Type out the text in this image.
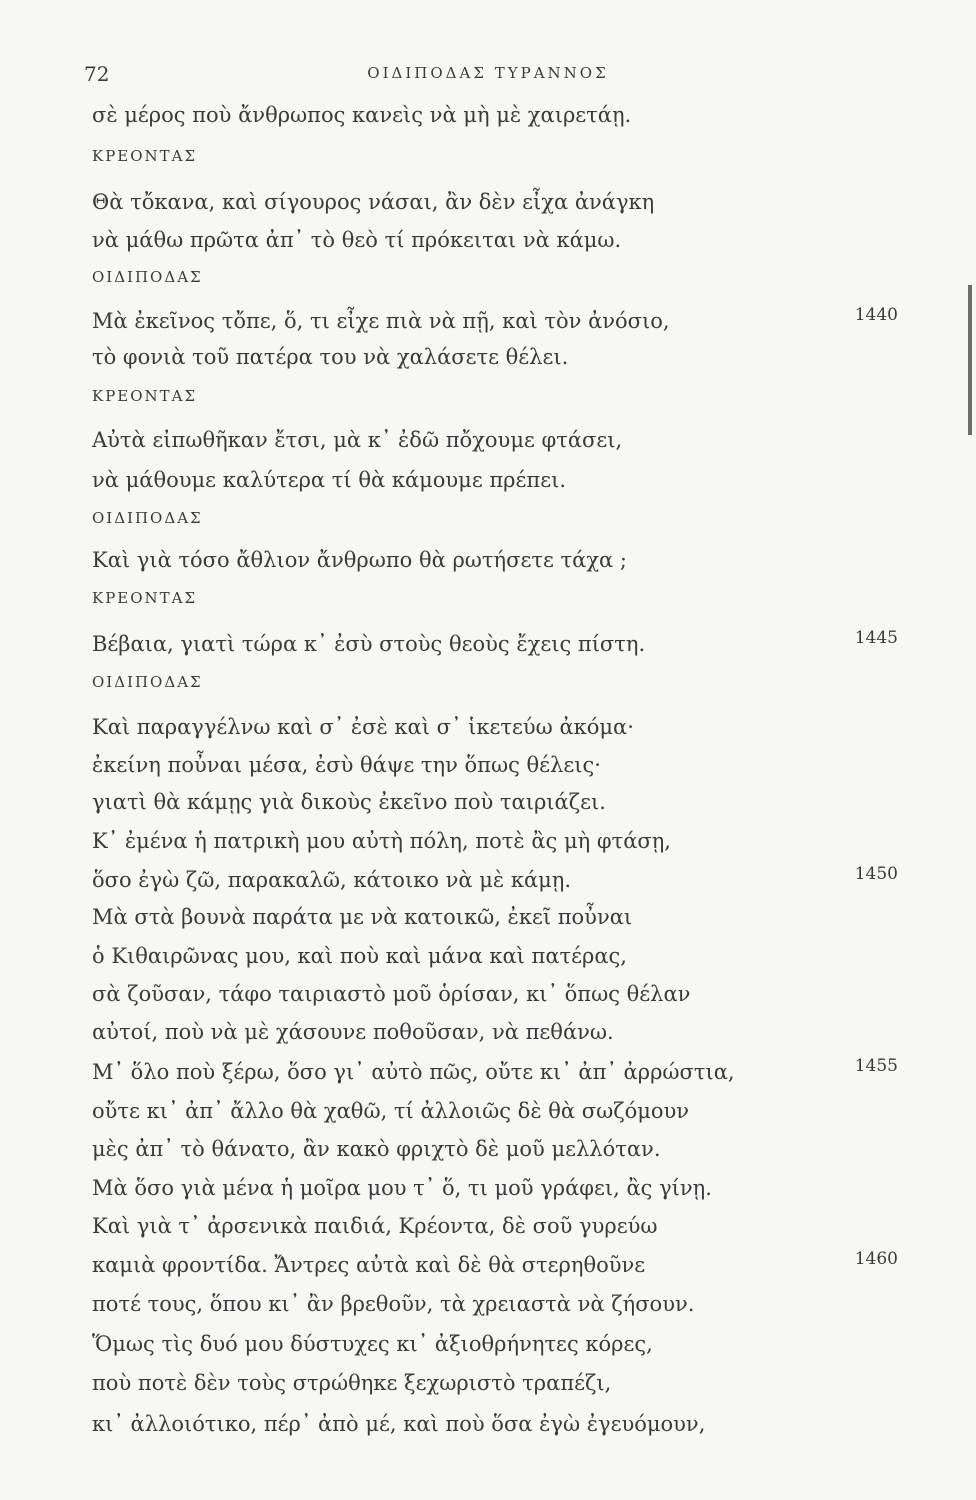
72	ΟΙΔΙΠΟΔΑΣ ΤΥΡΑΝΝΟΣ
σὲ μέρος ποὺ ἄνθρωπος κανεὶς νὰ μὴ μὲ χαιρετάῃ.
ΚΡΕΟΝΤΑΣ
Θὰ τὄκανα, καὶ σίγουρος νάσαι, ἂν δὲν εἶχα ἀνάγκη
νὰ μάθω πρῶτα ἀπ᾽ τὸ θεὸ τί πρόκειται νὰ κάμω.
ΟΙΔΙΠΟΔΑΣ
Μὰ ἐκεῖνος τὄπε, ὅ, τι εἶχε πιὰ νὰ πῇ, καὶ τὸν ἀνόσιο,	1440
τὸ φονιὰ τοῦ πατέρα του νὰ χαλάσετε θέλει.
ΚΡΕΟΝΤΑΣ
Αὐτὰ εἰπωθῆκαν ἔτσι, μὰ κ᾽ ἐδῶ πὄχουμε φτάσει,
νὰ μάθουμε καλύτερα τί θὰ κάμουμε πρέπει.
ΟΙΔΙΠΟΔΑΣ
Καὶ γιὰ τόσο ἄθλιον ἄνθρωπο θὰ ρωτήσετε τάχα ;
ΚΡΕΟΝΤΑΣ
Βέβαια, γιατὶ τώρα κ᾽ ἐσὺ στοὺς θεοὺς ἔχεις πίστη.	1445
ΟΙΔΙΠΟΔΑΣ
Καὶ παραγγέλνω καὶ σ᾽ ἐσὲ καὶ σ᾽ ἱκετεύω ἀκόμα·
ἐκείνη ποὖναι μέσα, ἐσὺ θάψε την ὅπως θέλεις·
γιατὶ θὰ κάμῃς γιὰ δικοὺς ἐκεῖνο ποὺ ταιριάζει.
Κ᾽ ἐμένα ἡ πατρικὴ μου αὐτὴ πόλη, ποτὲ ἂς μὴ φτάσῃ,
ὅσο ἐγὼ ζῶ, παρακαλῶ, κάτοικο νὰ μὲ κάμῃ.	1450
Μὰ στὰ βουνὰ παράτα με νὰ κατοικῶ, ἐκεῖ ποὖναι
ὁ Κιθαιρῶνας μου, καὶ ποὺ καὶ μάνα καὶ πατέρας,
σὰ ζοῦσαν, τάφο ταιριαστὸ μοῦ ὁρίσαν, κι᾽ ὅπως θέλαν
αὐτοί, ποὺ νὰ μὲ χάσουνε ποθοῦσαν, νὰ πεθάνω.
Μ᾽ ὅλο ποὺ ξέρω, ὅσο γι᾽ αὐτὸ πῶς, οὔτε κι᾽ ἀπ᾽ ἀρρώστια,	1455
οὔτε κι᾽ ἀπ᾽ ἄλλο θὰ χαθῶ, τί ἀλλοιῶς δὲ θὰ σωζόμουν
μὲς ἀπ᾽ τὸ θάνατο, ἂν κακὸ φριχτὸ δὲ μοῦ μελλόταν.
Μὰ ὅσο γιὰ μένα ἡ μοῖρα μου τ᾽ ὅ, τι μοῦ γράφει, ἂς γίνῃ.
Καὶ γιὰ τ᾽ ἀρσενικὰ παιδιά, Κρέοντα, δὲ σοῦ γυρεύω
καμιὰ φροντίδα. Ἄντρες αὐτὰ καὶ δὲ θὰ στερηθοῦνε	1460
ποτέ τους, ὅπου κι᾽ ἂν βρεθοῦν, τὰ χρειαστὰ νὰ ζήσουν.
Ὅμως τὶς δυό μου δύστυχες κι᾽ ἀξιοθρήνητες κόρες,
ποὺ ποτὲ δὲν τοὺς στρώθηκε ξεχωριστὸ τραπέζι,
κι᾽ ἀλλοιότικο, πέρ᾽ ἀπὸ μέ, καὶ ποὺ ὅσα ἐγὼ ἐγευόμουν,
